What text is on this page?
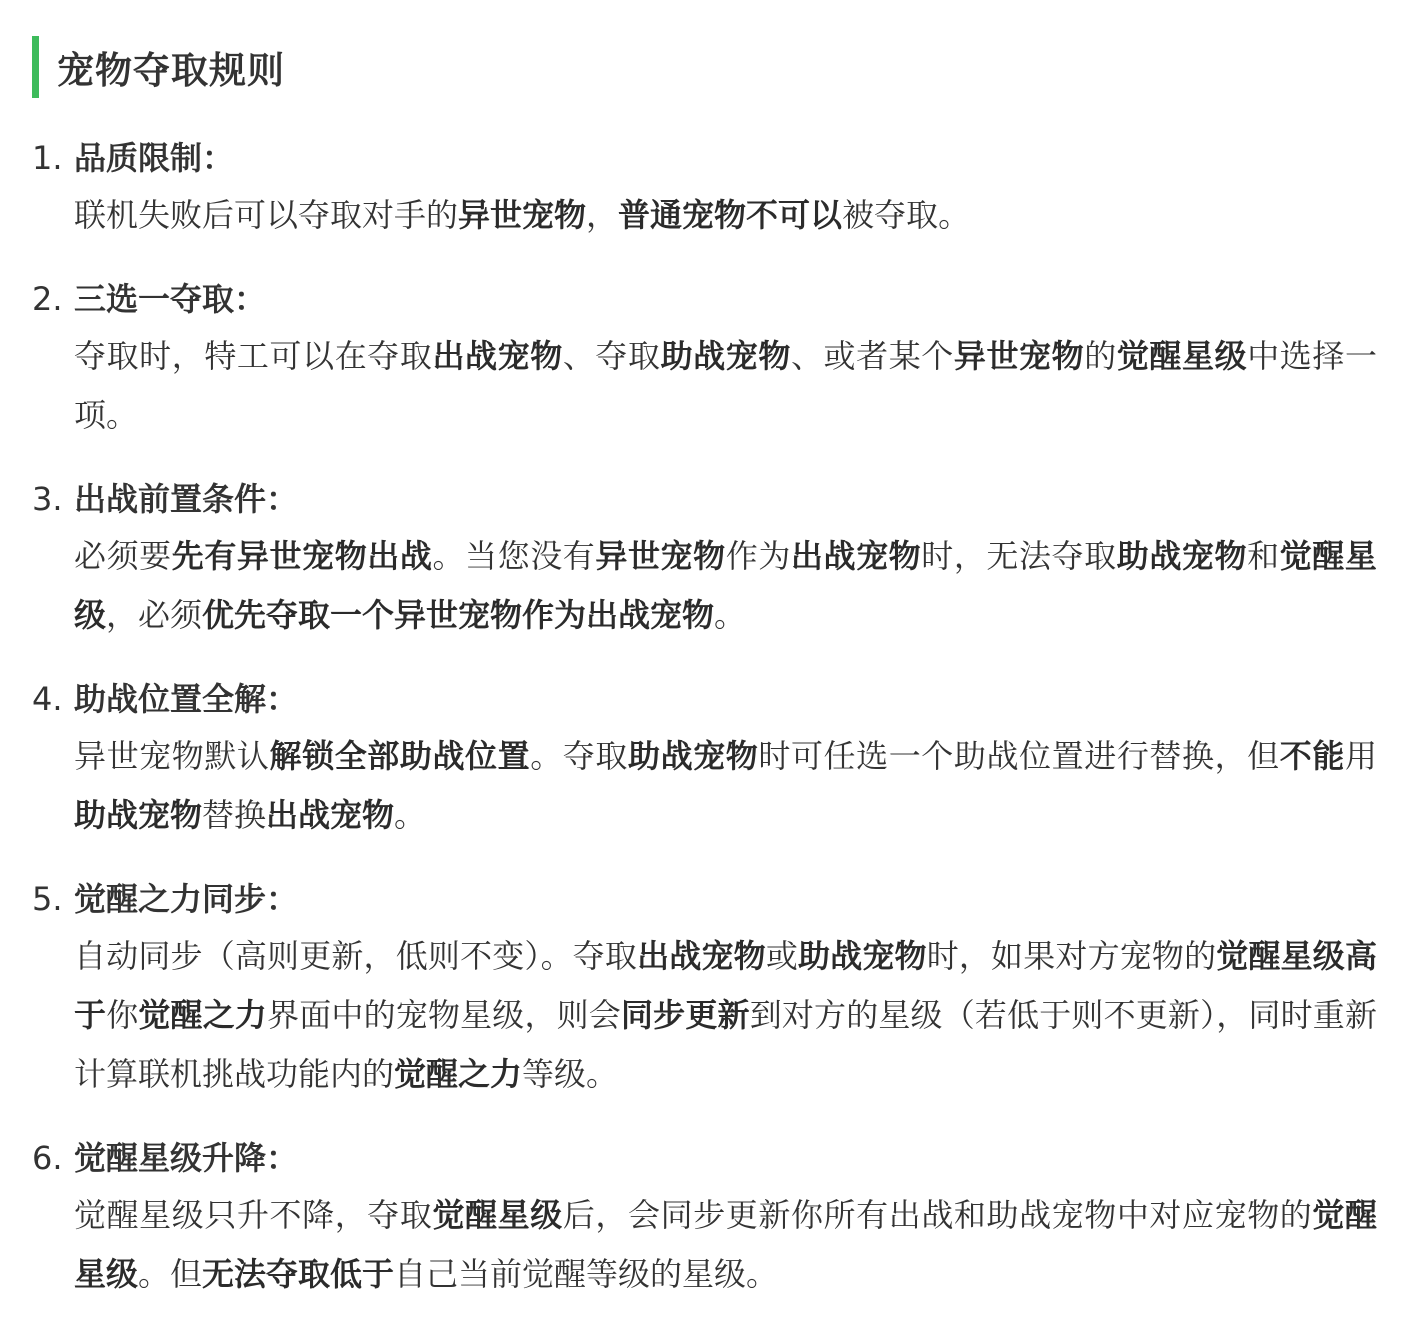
宠物夺取规则
1. 品质限制：
联机失败后可以夺取对手的异世宠物，普通宠物不可以被夺取。
2. 三选一夺取：
夺取时，特工可以在夺取出战宠物、夺取助战宠物、或者某个异世宠物的觉醒星级中选择一项。
3. 出战前置条件：
必须要先有异世宠物出战。当您没有异世宠物作为出战宠物时，无法夺取助战宠物和觉醒星级，必须优先夺取一个异世宠物作为出战宠物。
4. 助战位置全解：
异世宠物默认解锁全部助战位置。夺取助战宠物时可任选一个助战位置进行替换，但不能用助战宠物替换出战宠物。
5. 觉醒之力同步：
自动同步（高则更新，低则不变）。夺取出战宠物或助战宠物时，如果对方宠物的觉醒星级高于你觉醒之力界面中的宠物星级，则会同步更新到对方的星级（若低于则不更新），同时重新计算联机挑战功能内的觉醒之力等级。
6. 觉醒星级升降：
觉醒星级只升不降，夺取觉醒星级后，会同步更新你所有出战和助战宠物中对应宠物的觉醒星级。但无法夺取低于自己当前觉醒等级的星级。
